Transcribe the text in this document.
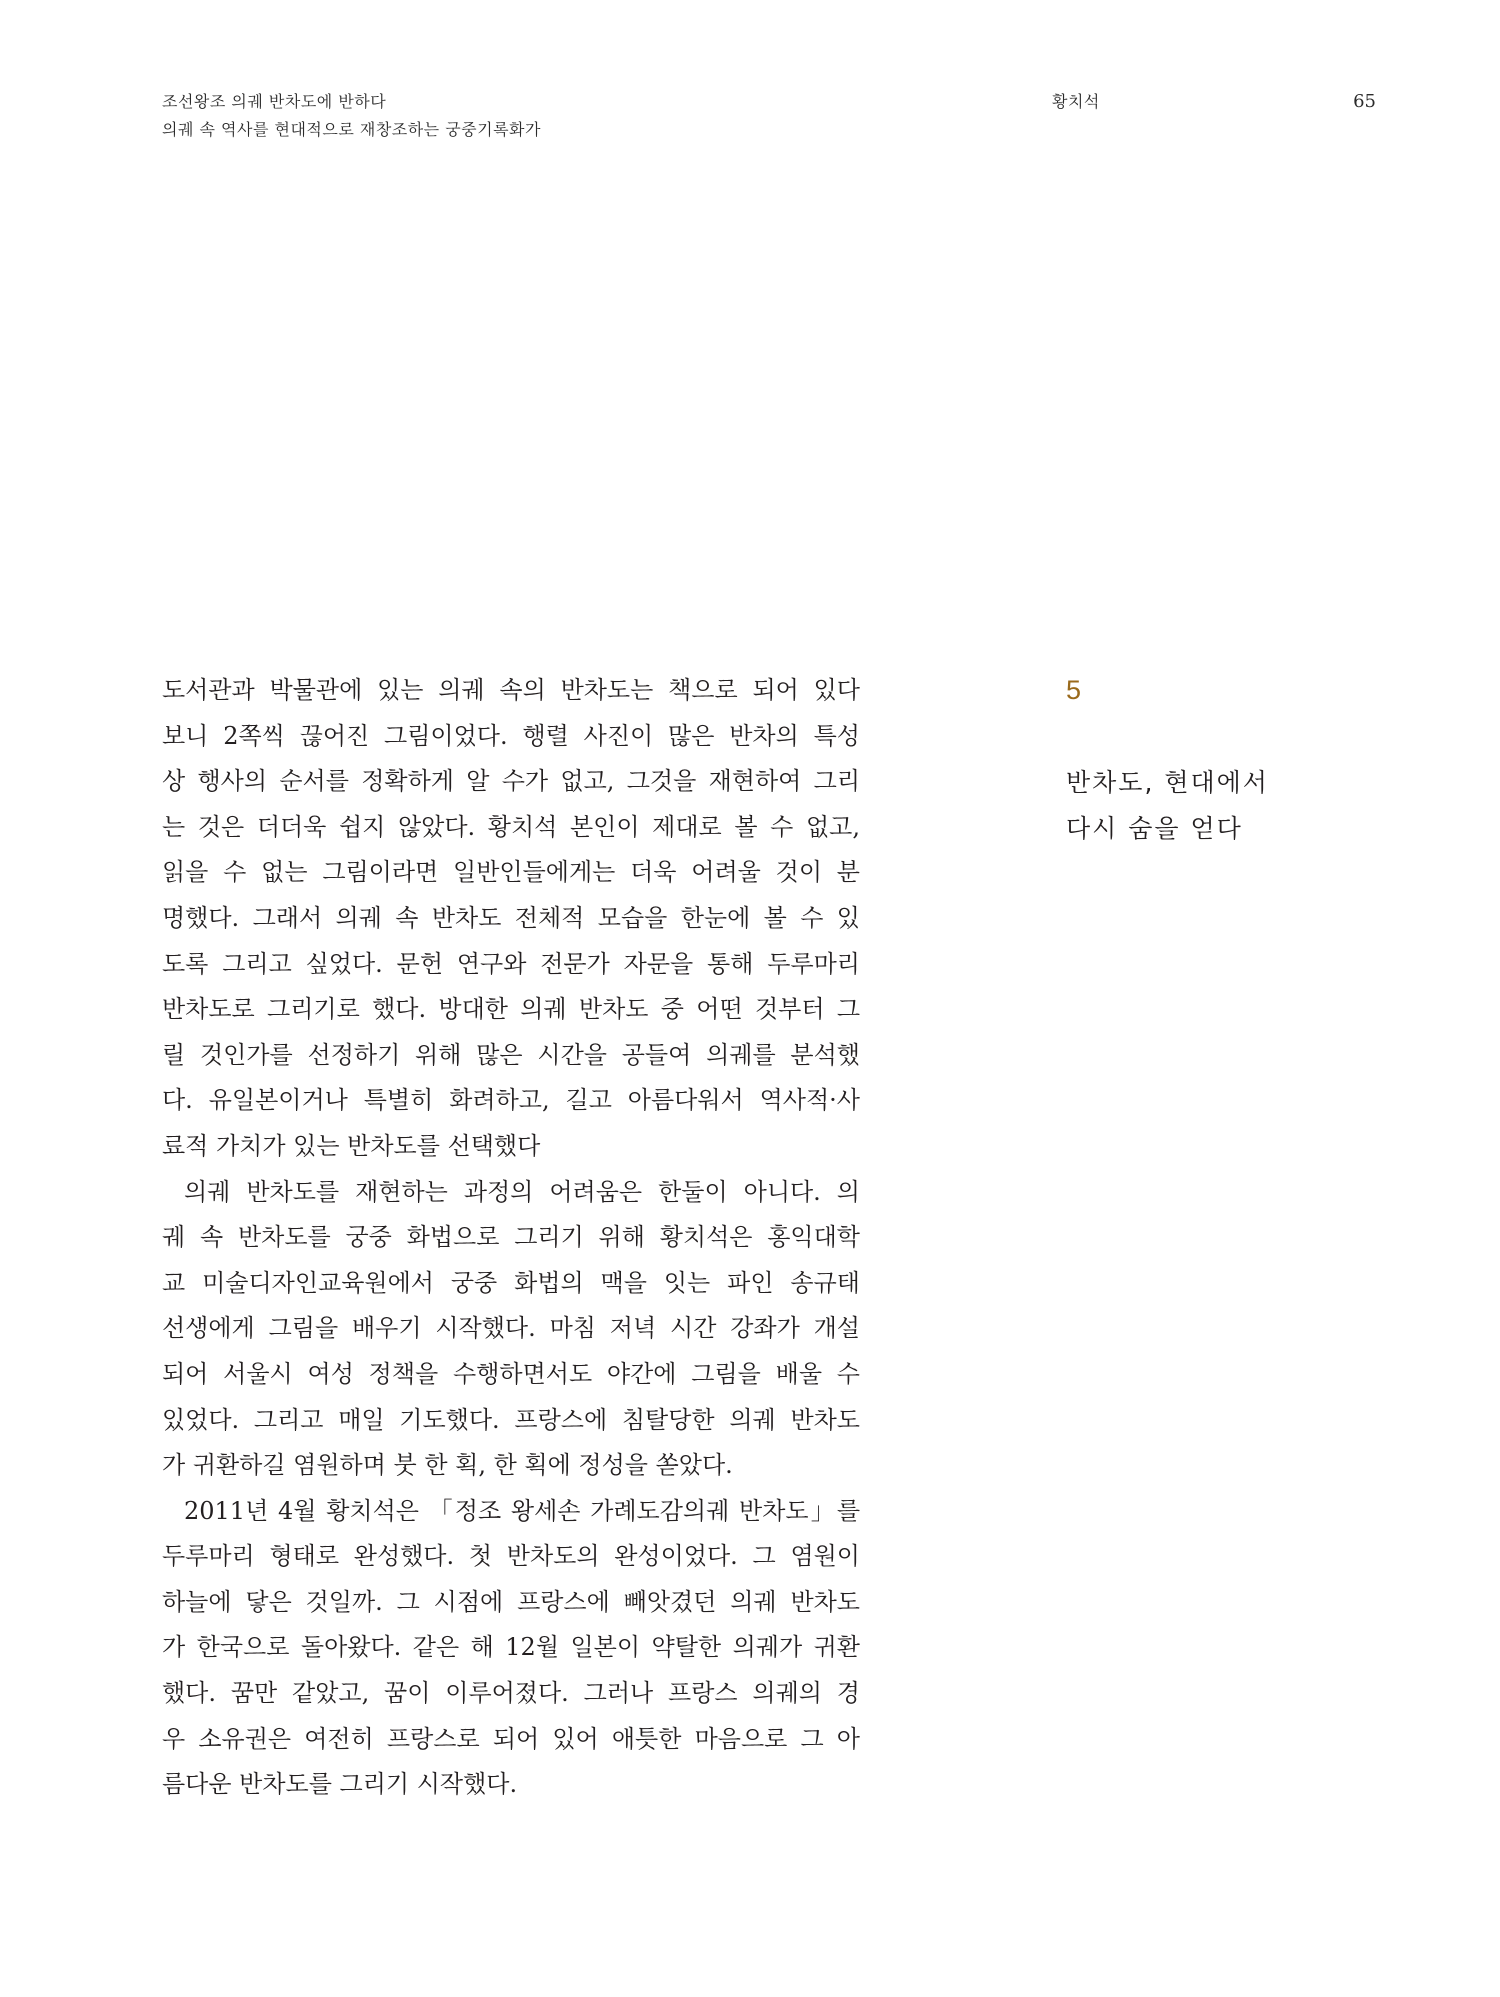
조선왕조 의궤 반차도에 반하다
의궤 속 역사를 현대적으로 재창조하는 궁중기록화가
황치석	65
도서관과 박물관에 있는 의궤 속의 반차도는 책으로 되어 있다
보니 2쪽씩 끊어진 그림이었다. 행렬 사진이 많은 반차의 특성
상 행사의 순서를 정확하게 알 수가 없고, 그것을 재현하여 그리
는 것은 더더욱 쉽지 않았다. 황치석 본인이 제대로 볼 수 없고,
읽을 수 없는 그림이라면 일반인들에게는 더욱 어려울 것이 분
명했다. 그래서 의궤 속 반차도 전체적 모습을 한눈에 볼 수 있
도록 그리고 싶었다. 문헌 연구와 전문가 자문을 통해 두루마리
반차도로 그리기로 했다. 방대한 의궤 반차도 중 어떤 것부터 그
릴 것인가를 선정하기 위해 많은 시간을 공들여 의궤를 분석했
다. 유일본이거나 특별히 화려하고, 길고 아름다워서 역사적·사
료적 가치가 있는 반차도를 선택했다
의궤 반차도를 재현하는 과정의 어려움은 한둘이 아니다. 의
궤 속 반차도를 궁중 화법으로 그리기 위해 황치석은 홍익대학
교 미술디자인교육원에서 궁중 화법의 맥을 잇는 파인 송규태
선생에게 그림을 배우기 시작했다. 마침 저녁 시간 강좌가 개설
되어 서울시 여성 정책을 수행하면서도 야간에 그림을 배울 수
있었다. 그리고 매일 기도했다. 프랑스에 침탈당한 의궤 반차도
가 귀환하길 염원하며 붓 한 획, 한 획에 정성을 쏟았다.
2011년 4월 황치석은 「정조 왕세손 가례도감의궤 반차도」를
두루마리 형태로 완성했다. 첫 반차도의 완성이었다. 그 염원이
하늘에 닿은 것일까. 그 시점에 프랑스에 빼앗겼던 의궤 반차도
가 한국으로 돌아왔다. 같은 해 12월 일본이 약탈한 의궤가 귀환
했다. 꿈만 같았고, 꿈이 이루어졌다. 그러나 프랑스 의궤의 경
우 소유권은 여전히 프랑스로 되어 있어 애틋한 마음으로 그 아
름다운 반차도를 그리기 시작했다.
5
반차도, 현대에서
다시 숨을 얻다
